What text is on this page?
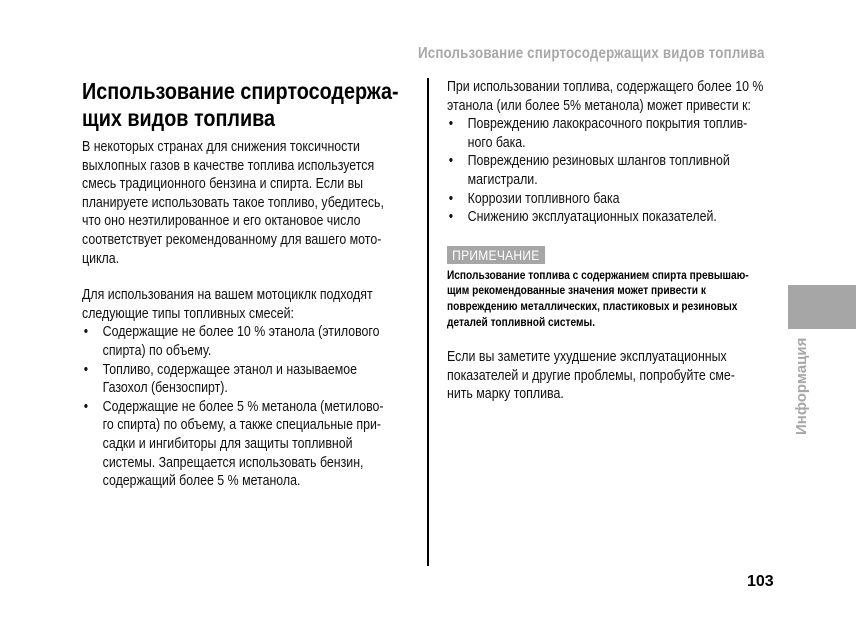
Использование спиртосодержащих видов топлива
Использование спиртосодержа-
щих видов топлива

В некоторых странах для снижения токсичности
выхлопных газов в качестве топлива используется
смесь традиционного бензина и спирта. Если вы
планируете использовать такое топливо, убедитесь,
что оно неэтилированное и его октановое число
соответствует рекомендованному для вашего мото-
цикла.

Для использования на вашем мотоциклк подходят
следующие типы топливных смесей:

• Содержащие не более 10 % этанола (этилового
спирта) по объему.
• Топливо, содержащее этанол и называемое
Газохол (бензоспирт).
• Содержащие не более 5 % метанола (метилово-
го спирта) по объему, а также специальные при-
садки и ингибиторы для защиты топливной
системы. Запрещается использовать бензин,
содержащий более 5 % метанола.

При использовании топлива, содержащего более 10 %
этанола (или более 5% метанола) может привести к:

• Повреждению лакокрасочного покрытия топлив-
ного бака.
• Повреждению резиновых шлангов топливной
магистрали.
• Коррозии топливного бака
• Снижению эксплуатационных показателей.
ПРИМЕЧАНИЕ
Использование топлива с содержанием спирта превышаю-
щим рекомендованные значения может привести к
повреждению металлических, пластиковых и резиновых
деталей топливной системы.

Если вы заметите ухудшение эксплуатационных
показателей и другие проблемы, попробуйте сме-
нить марку топлива.	Информация
103
